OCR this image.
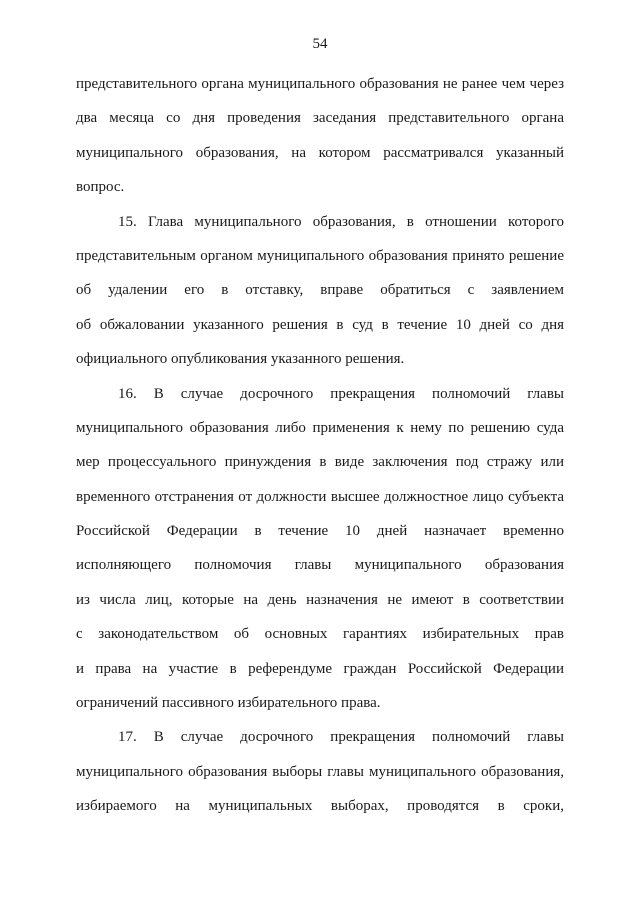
54
представительного органа муниципального образования не ранее чем через
два месяца со дня проведения заседания представительного органа
муниципального образования, на котором рассматривался указанный
вопрос.
15. Глава муниципального образования, в отношении которого
представительным органом муниципального образования принято решение
об удалении его в отставку, вправе обратиться с заявлением
об обжаловании указанного решения в суд в течение 10 дней со дня
официального опубликования указанного решения.
16. В случае досрочного прекращения полномочий главы
муниципального образования либо применения к нему по решению суда
мер процессуального принуждения в виде заключения под стражу или
временного отстранения от должности высшее должностное лицо субъекта
Российской Федерации в течение 10 дней назначает временно
исполняющего полномочия главы муниципального образования
из числа лиц, которые на день назначения не имеют в соответствии
с законодательством об основных гарантиях избирательных прав
и права на участие в референдуме граждан Российской Федерации
ограничений пассивного избирательного права.
17. В случае досрочного прекращения полномочий главы
муниципального образования выборы главы муниципального образования,
избираемого на муниципальных выборах, проводятся в сроки,
